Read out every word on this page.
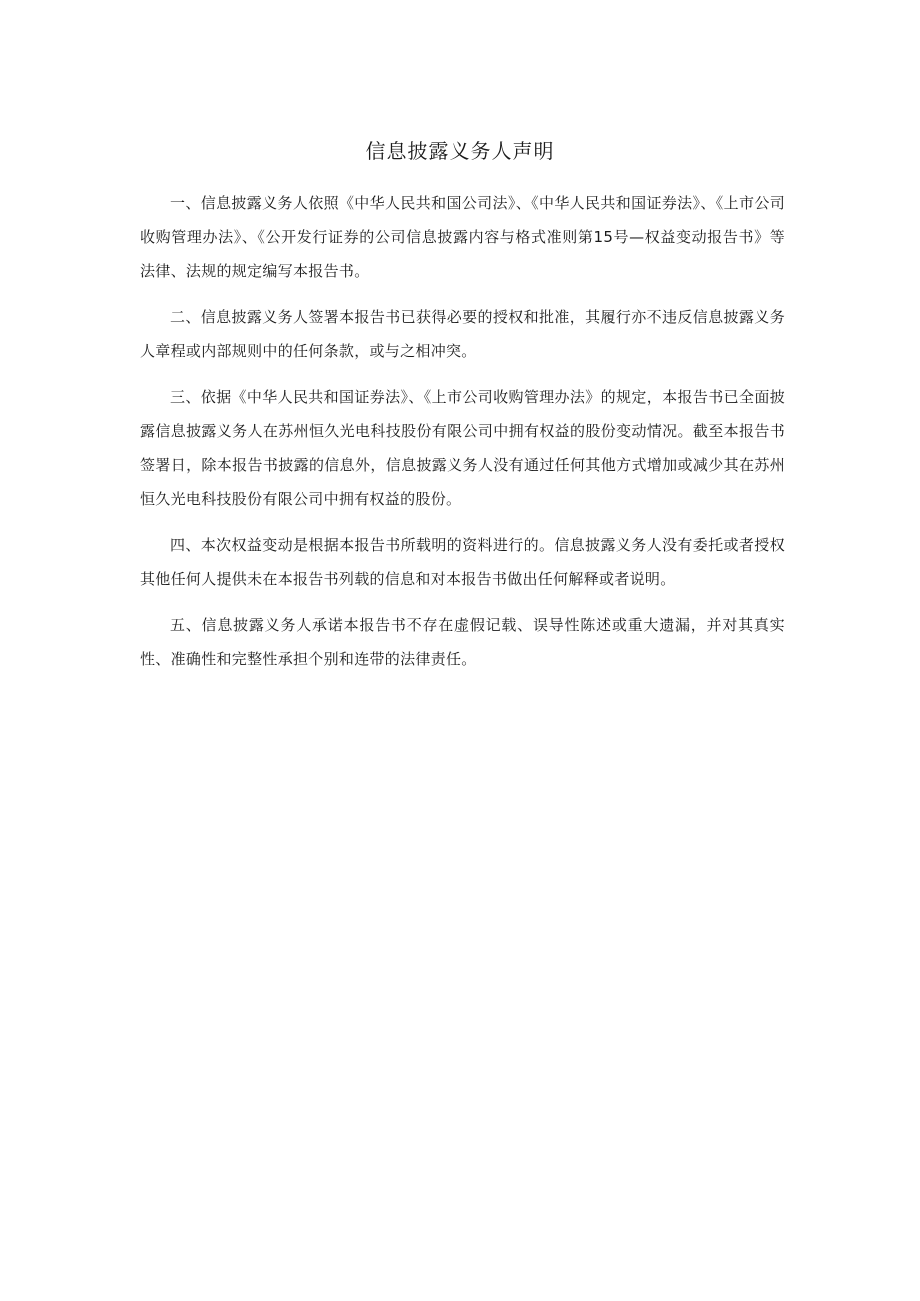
信息披露义务人声明

一、信息披露义务人依照《中华人民共和国公司法》、《中华人民共和国证券法》、《上市公司收购管理办法》、《公开发行证券的公司信息披露内容与格式准则第15号—权益变动报告书》等法律、法规的规定编写本报告书。

二、信息披露义务人签署本报告书已获得必要的授权和批准，其履行亦不违反信息披露义务人章程或内部规则中的任何条款，或与之相冲突。

三、依据《中华人民共和国证券法》、《上市公司收购管理办法》的规定，本报告书已全面披露信息披露义务人在苏州恒久光电科技股份有限公司中拥有权益的股份变动情况。截至本报告书签署日，除本报告书披露的信息外，信息披露义务人没有通过任何其他方式增加或减少其在苏州恒久光电科技股份有限公司中拥有权益的股份。

四、本次权益变动是根据本报告书所载明的资料进行的。信息披露义务人没有委托或者授权其他任何人提供未在本报告书列载的信息和对本报告书做出任何解释或者说明。

五、信息披露义务人承诺本报告书不存在虚假记载、误导性陈述或重大遗漏，并对其真实性、准确性和完整性承担个别和连带的法律责任。
